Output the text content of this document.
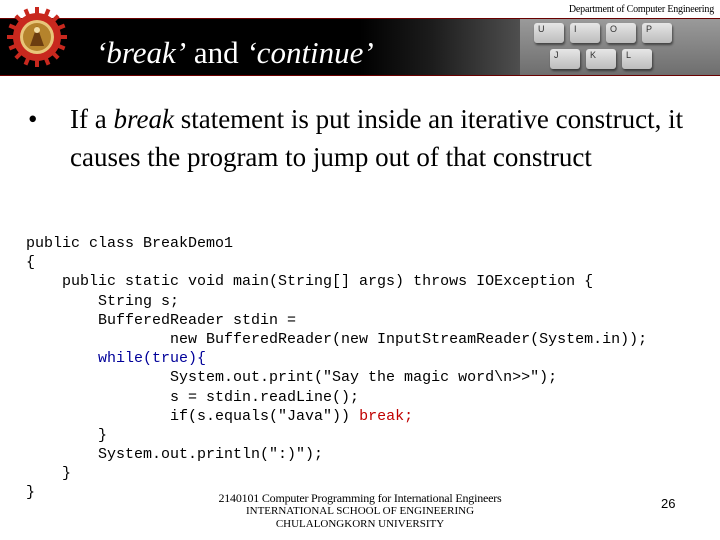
Department of Computer Engineering
U	I	O	P
J	K	L
‘break’ and ‘continue’
• If a break statement is put inside an iterative construct, it causes the program to jump out of that construct
public class BreakDemo1
{
public static void main(String[] args) throws IOException {
String s;
BufferedReader stdin =
new BufferedReader(new InputStreamReader(System.in));
while(true){
System.out.print("Say the magic word\n>>");
s = stdin.readLine();
if(s.equals("Java")) break;
}
System.out.println(":)");
}
}	2140101 Computer Programming for International Engineers
INTERNATIONAL SCHOOL OF ENGINEERING
CHULALONGKORN UNIVERSITY
26
